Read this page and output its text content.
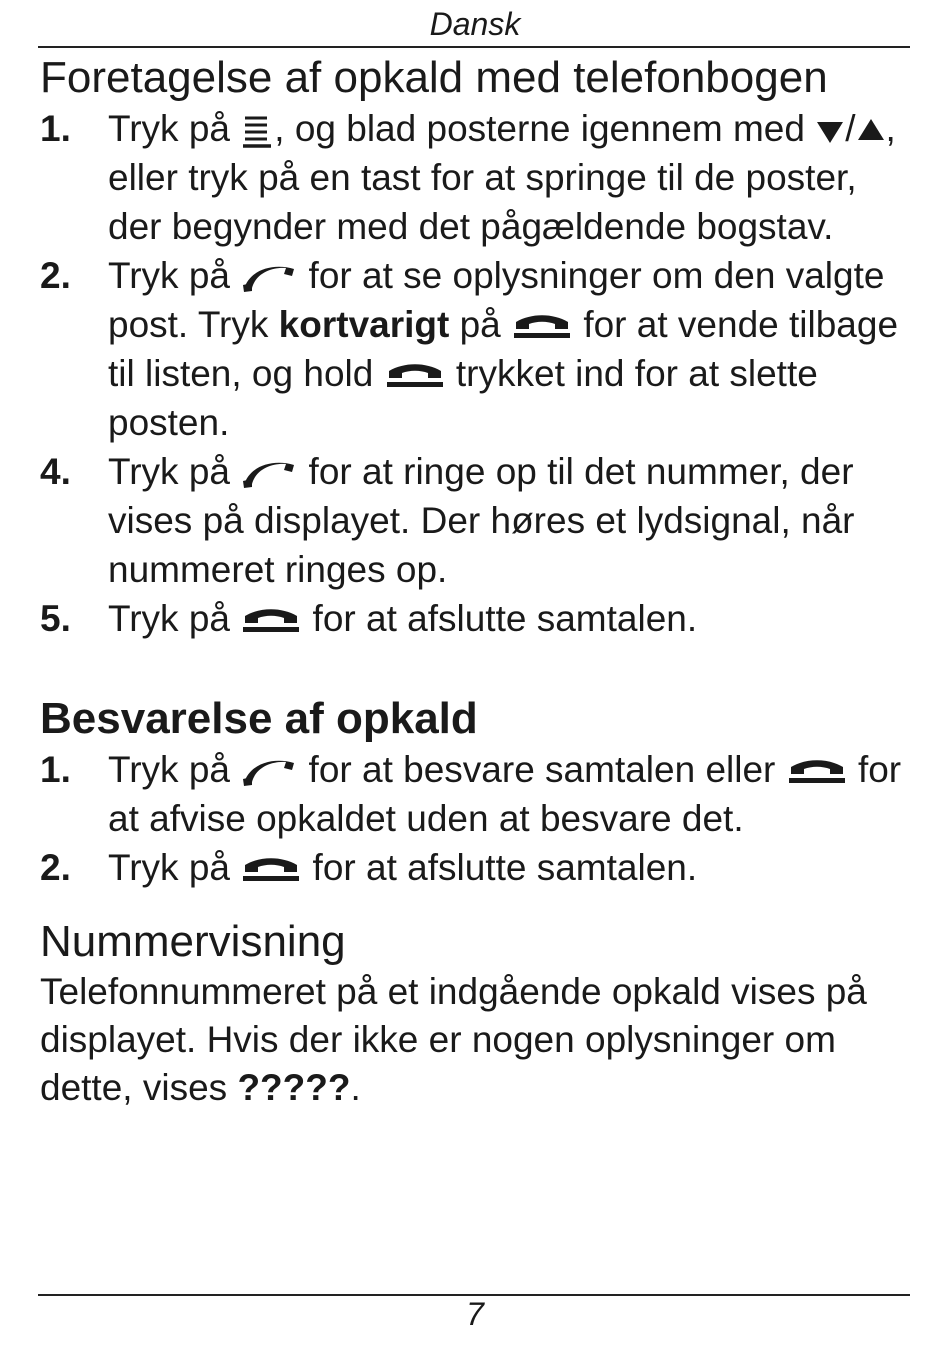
Dansk
Foretagelse af opkald med telefonbogen
1.	Tryk på , og blad posterne igennem med / , eller tryk på en tast for at springe til de poster, der begynder med det pågældende bogstav.
2.	Tryk på for at se oplysninger om den valgte post. Tryk kortvarigt på for at vende tilbage til listen, og hold trykket ind for at slette posten.
4.	Tryk på for at ringe op til det nummer, der vises på displayet. Der høres et lydsignal, når nummeret ringes op.
5.	Tryk på for at afslutte samtalen.
Besvarelse af opkald
1.	Tryk på for at besvare samtalen eller for at afvise opkaldet uden at besvare det.
2.	Tryk på for at afslutte samtalen.
Nummervisning
Telefonnummeret på et indgående opkald vises på displayet. Hvis der ikke er nogen oplysninger om dette, vises ?????.
7
